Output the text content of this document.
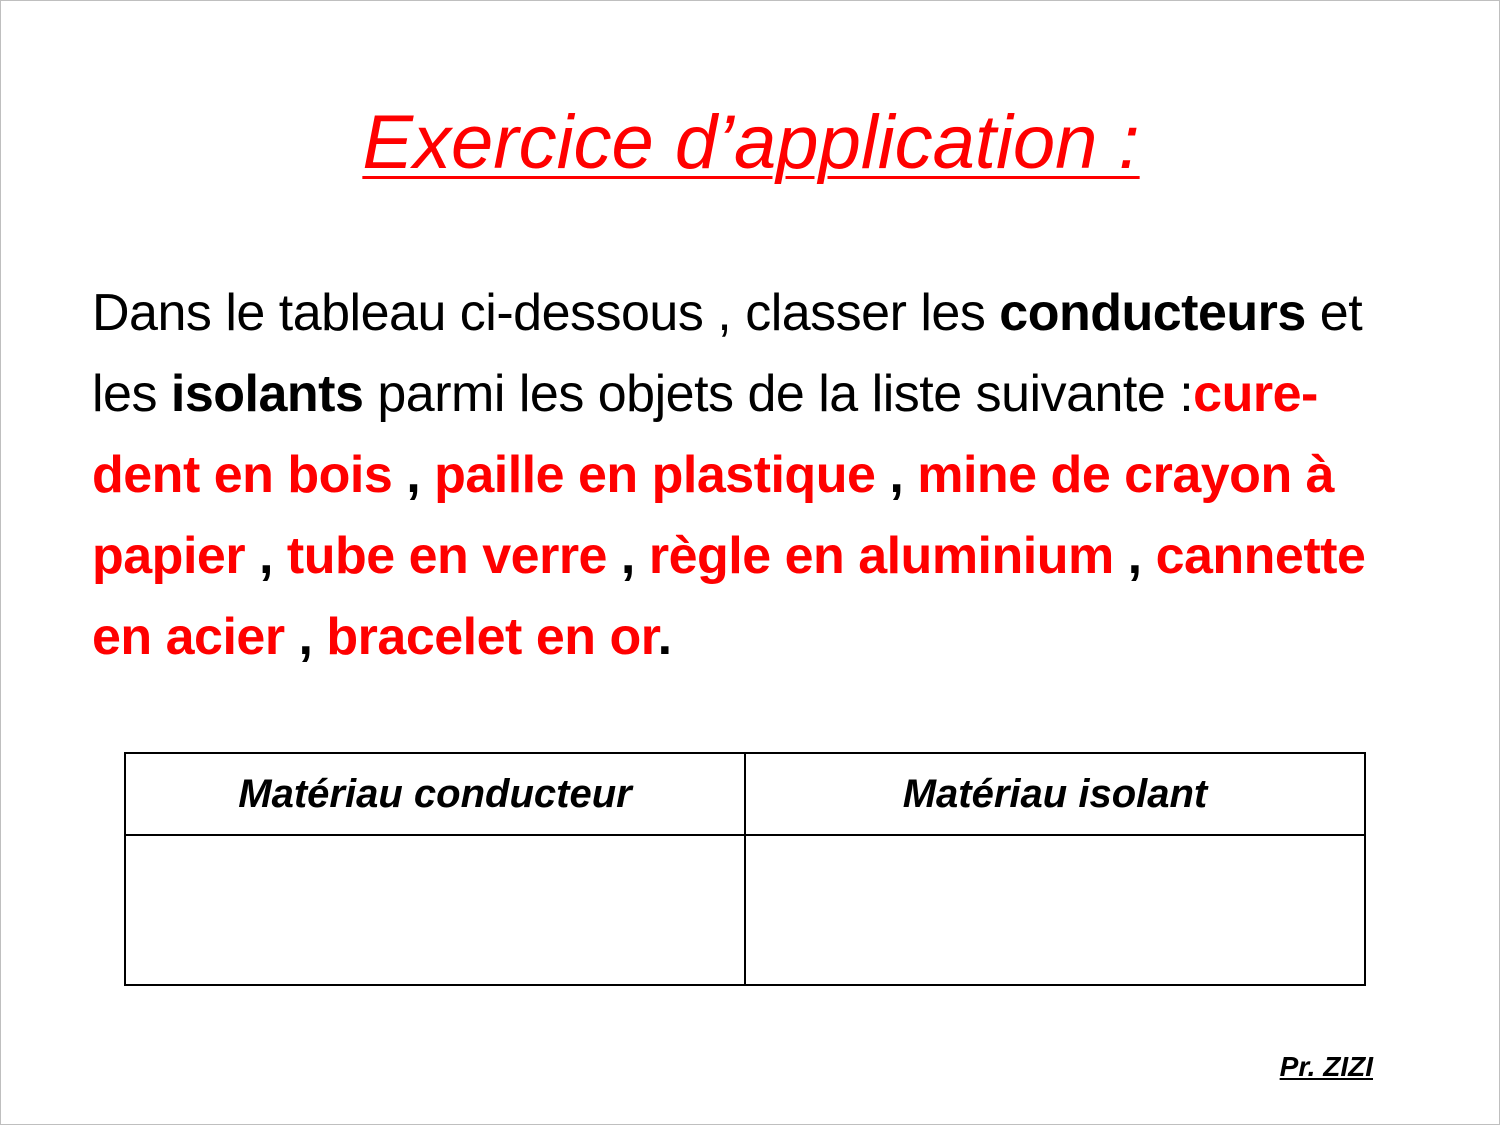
Exercice d’application :
Dans le tableau ci-dessous , classer les conducteurs et les isolants parmi les objets de la liste suivante :cure-dent en bois , paille en plastique , mine de crayon à papier , tube en verre , règle en aluminium , cannette en acier , bracelet en or.
Matériau conducteur	Matériau isolant

Pr. ZIZI
